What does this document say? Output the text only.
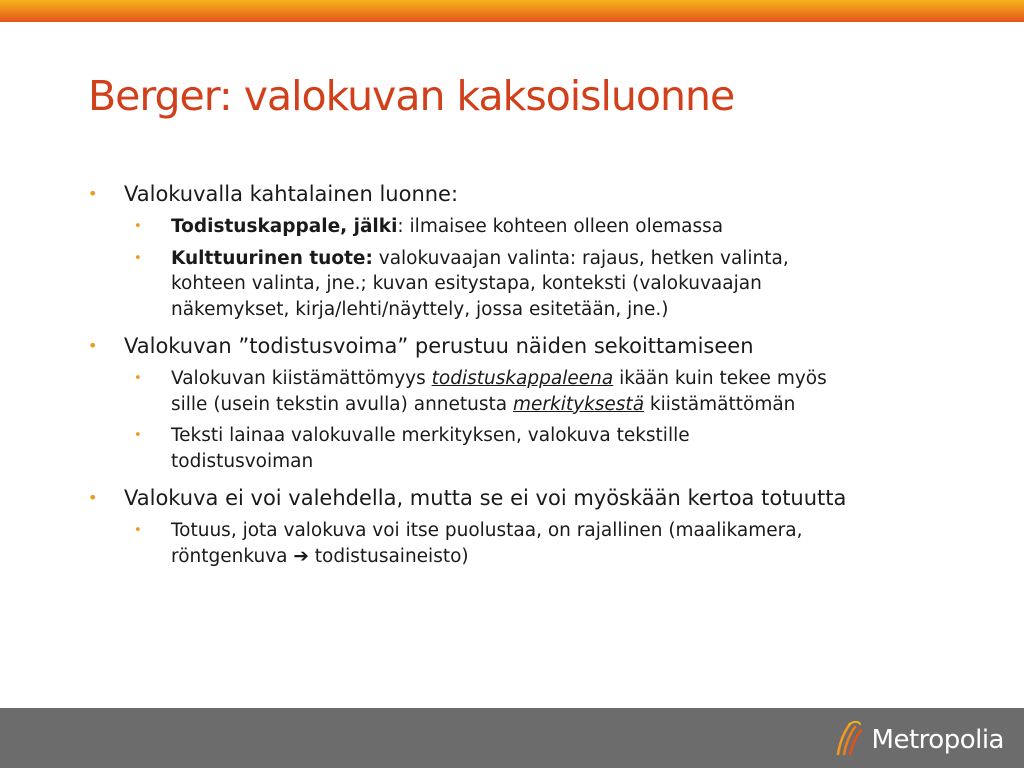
Berger: valokuvan kaksoisluonne
• Valokuvalla kahtalainen luonne:
• Todistuskappale, jälki: ilmaisee kohteen olleen olemassa
• Kulttuurinen tuote: valokuvaajan valinta: rajaus, hetken valinta, kohteen valinta, jne.; kuvan esitystapa, konteksti (valokuvaajan näkemykset, kirja/lehti/näyttely, jossa esitetään, jne.)
• Valokuvan ”todistusvoima” perustuu näiden sekoittamiseen
• Valokuvan kiistämättömyys todistuskappaleena ikään kuin tekee myös sille (usein tekstin avulla) annetusta merkityksestä kiistämättömän
• Teksti lainaa valokuvalle merkityksen, valokuva tekstille todistusvoiman
• Valokuva ei voi valehdella, mutta se ei voi myöskään kertoa totuutta
• Totuus, jota valokuva voi itse puolustaa, on rajallinen (maalikamera, röntgenkuva ➔ todistusaineisto)
Metropolia
